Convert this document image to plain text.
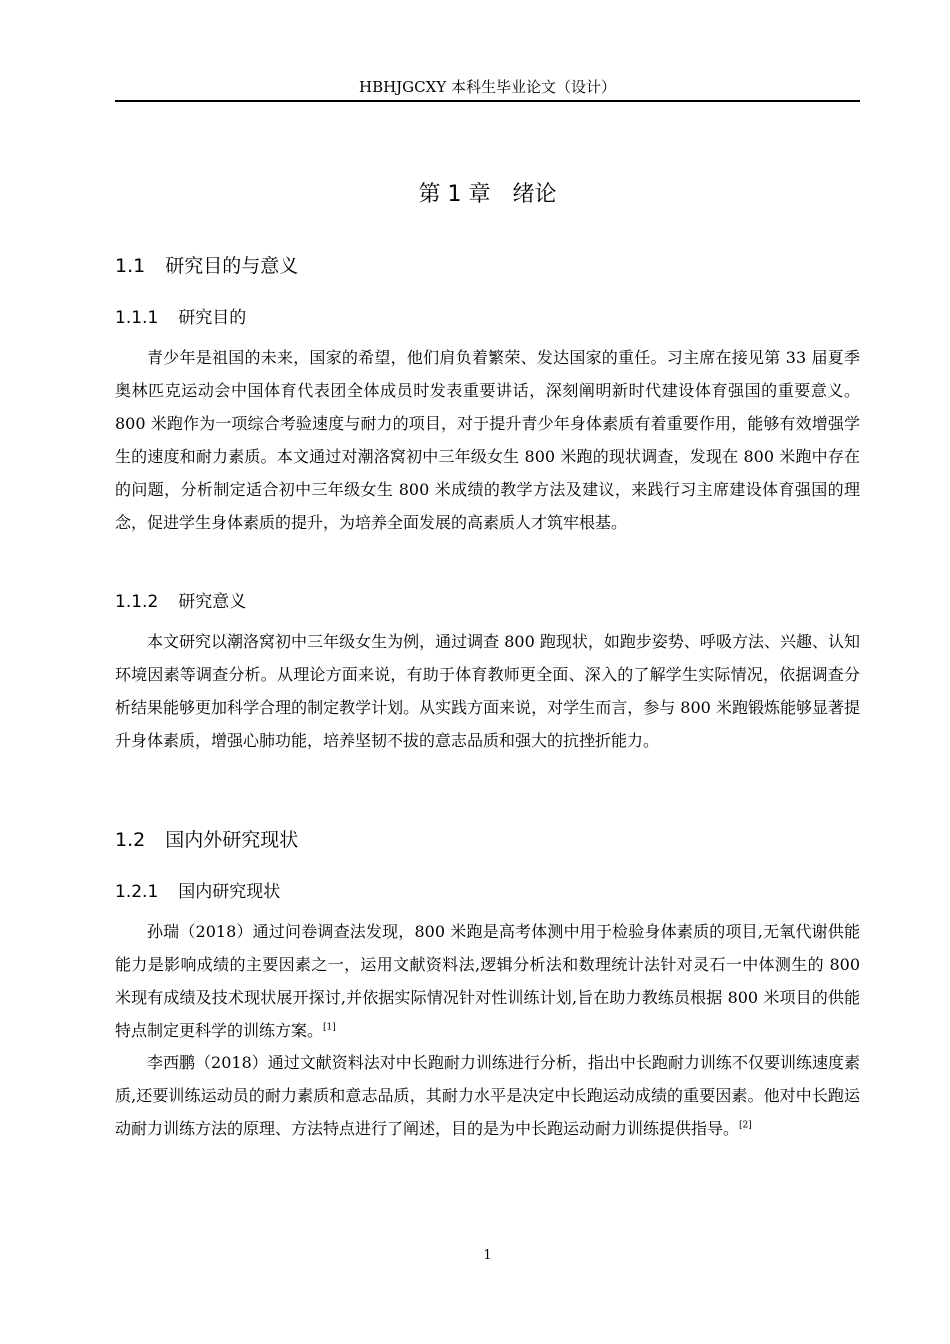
HBHJGCXY 本科生毕业论文（设计）
第 1 章　绪论
1.1 研究目的与意义
1.1.1 研究目的

青少年是祖国的未来，国家的希望，他们肩负着繁荣、发达国家的重任。习主席在接见第 33 届夏季奥林匹克运动会中国体育代表团全体成员时发表重要讲话，深刻阐明新时代建设体育强国的重要意义。800 米跑作为一项综合考验速度与耐力的项目，对于提升青少年身体素质有着重要作用，能够有效增强学生的速度和耐力素质。本文通过对潮洛窝初中三年级女生 800 米跑的现状调查，发现在 800 米跑中存在的问题，分析制定适合初中三年级女生 800 米成绩的教学方法及建议，来践行习主席建设体育强国的理念，促进学生身体素质的提升，为培养全面发展的高素质人才筑牢根基。

1.1.2 研究意义

本文研究以潮洛窝初中三年级女生为例，通过调查 800 跑现状，如跑步姿势、呼吸方法、兴趣、认知环境因素等调查分析。从理论方面来说，有助于体育教师更全面、深入的了解学生实际情况，依据调查分析结果能够更加科学合理的制定教学计划。从实践方面来说，对学生而言，参与 800 米跑锻炼能够显著提升身体素质，增强心肺功能，培养坚韧不拔的意志品质和强大的抗挫折能力。

1.2 国内外研究现状
1.2.1 国内研究现状

孙瑞（2018）通过问卷调查法发现，800 米跑是高考体测中用于检验身体素质的项目,无氧代谢供能能力是影响成绩的主要因素之一，运用文献资料法,逻辑分析法和数理统计法针对灵石一中体测生的 800 米现有成绩及技术现状展开探讨,并依据实际情况针对性训练计划,旨在助力教练员根据 800 米项目的供能特点制定更科学的训练方案。[1]

李西鹏（2018）通过文献资料法对中长跑耐力训练进行分析，指出中长跑耐力训练不仅要训练速度素质,还要训练运动员的耐力素质和意志品质，其耐力水平是决定中长跑运动成绩的重要因素。他对中长跑运动耐力训练方法的原理、方法特点进行了阐述，目的是为中长跑运动耐力训练提供指导。[2]

1
